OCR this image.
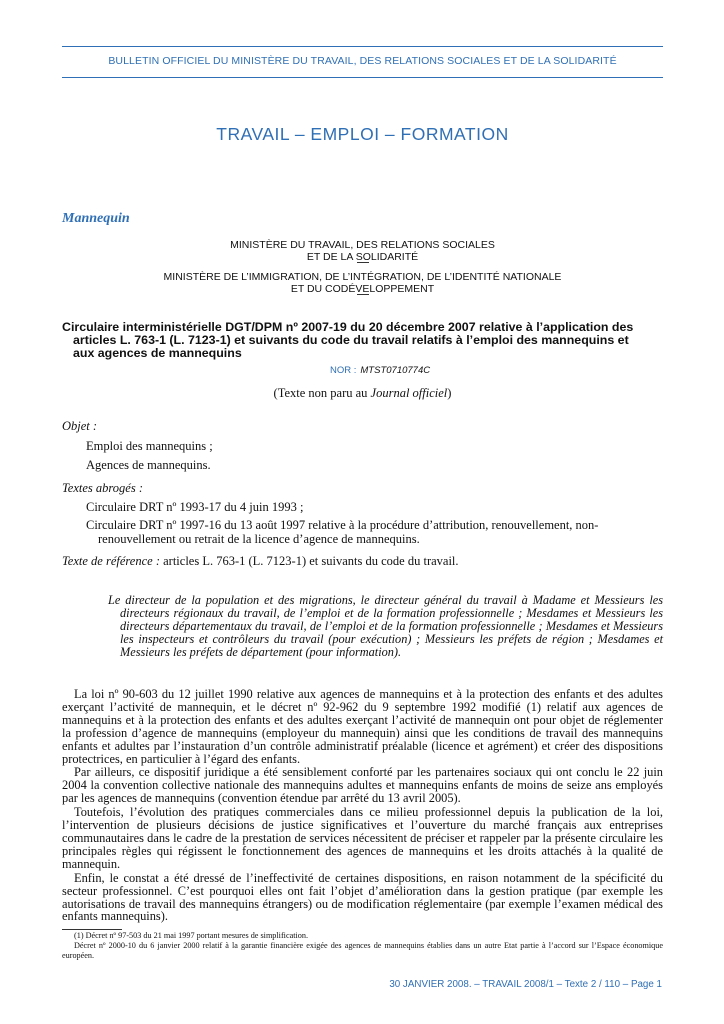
BULLETIN OFFICIEL DU MINISTÈRE DU TRAVAIL, DES RELATIONS SOCIALES ET DE LA SOLIDARITÉ
TRAVAIL – EMPLOI – FORMATION
Mannequin
MINISTÈRE DU TRAVAIL, DES RELATIONS SOCIALES
ET DE LA SOLIDARITÉ
MINISTÈRE DE L’IMMIGRATION, DE L’INTÉGRATION, DE L’IDENTITÉ NATIONALE
ET DU CODÉVELOPPEMENT
Circulaire interministérielle DGT/DPM nº 2007-19 du 20 décembre 2007 relative à l’application des
articles L. 763-1 (L. 7123-1) et suivants du code du travail relatifs à l’emploi des mannequins et
aux agences de mannequins
NOR : MTST0710774C
(Texte non paru au Journal officiel)
Objet :
Emploi des mannequins ;
Agences de mannequins.
Textes abrogés :
Circulaire DRT nº 1993-17 du 4 juin 1993 ;
Circulaire DRT nº 1997-16 du 13 août 1997 relative à la procédure d’attribution, renouvellement, non-
renouvellement ou retrait de la licence d’agence de mannequins.
Texte de référence : articles L. 763-1 (L. 7123-1) et suivants du code du travail.
Le directeur de la population et des migrations, le directeur général du travail à Madame et Messieurs les directeurs régionaux du travail, de l’emploi et de la formation professionnelle ; Mesdames et Messieurs les directeurs départementaux du travail, de l’emploi et de la formation professionnelle ; Mesdames et Messieurs les inspecteurs et contrôleurs du travail (pour exécution) ; Messieurs les préfets de région ; Mesdames et Messieurs les préfets de département (pour information).

La loi nº 90-603 du 12 juillet 1990 relative aux agences de mannequins et à la protection des enfants et des adultes exerçant l’activité de mannequin, et le décret nº 92-962 du 9 septembre 1992 modifié (1) relatif aux agences de mannequins et à la protection des enfants et des adultes exerçant l’activité de mannequin ont pour objet de réglementer la profession d’agence de mannequins (employeur du mannequin) ainsi que les conditions de travail des mannequins enfants et adultes par l’instauration d’un contrôle administratif préalable (licence et agrément) et créer des dispositions protectrices, en particulier à l’égard des enfants.

Par ailleurs, ce dispositif juridique a été sensiblement conforté par les partenaires sociaux qui ont conclu le 22 juin 2004 la convention collective nationale des mannequins adultes et mannequins enfants de moins de seize ans employés par les agences de mannequins (convention étendue par arrêté du 13 avril 2005).

Toutefois, l’évolution des pratiques commerciales dans ce milieu professionnel depuis la publication de la loi, l’intervention de plusieurs décisions de justice significatives et l’ouverture du marché français aux entreprises communautaires dans le cadre de la prestation de services nécessitent de préciser et rappeler par la présente circulaire les principales règles qui régissent le fonctionnement des agences de mannequins et les droits attachés à la qualité de mannequin.

Enfin, le constat a été dressé de l’ineffectivité de certaines dispositions, en raison notamment de la spécificité du secteur professionnel. C’est pourquoi elles ont fait l’objet d’amélioration dans la gestion pratique (par exemple les autorisations de travail des mannequins étrangers) ou de modification réglementaire (par exemple l’examen médical des enfants mannequins).

(1) Décret nº 97-503 du 21 mai 1997 portant mesures de simplification.

Décret nº 2000-10 du 6 janvier 2000 relatif à la garantie financière exigée des agences de mannequins établies dans un autre Etat partie à l’accord sur l’Espace économique européen.

30 JANVIER 2008. – TRAVAIL 2008/1 – Texte 2 / 110 – Page 1
